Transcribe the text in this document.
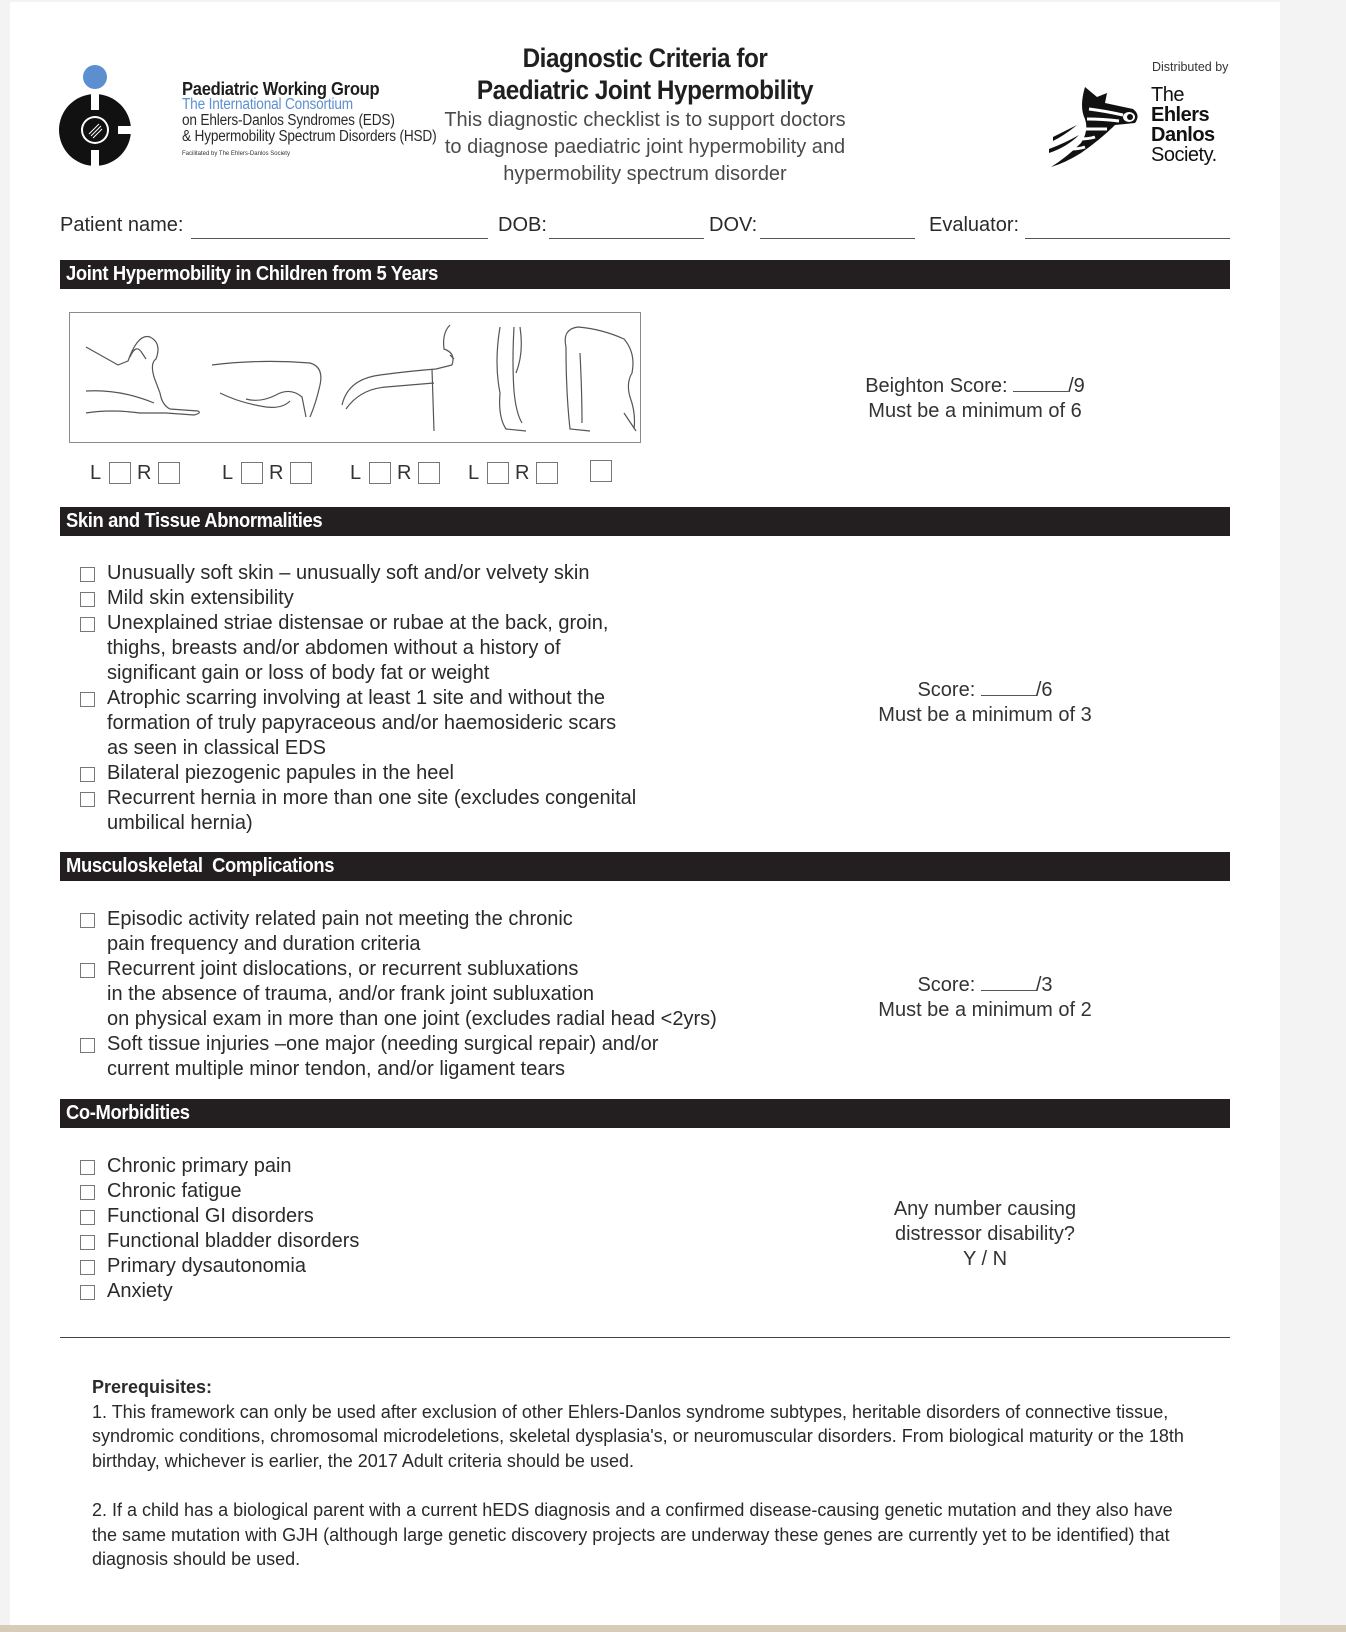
Paediatric Working Group
The International Consortium
on Ehlers-Danlos Syndromes (EDS)
& Hypermobility Spectrum Disorders (HSD)
Facilitated by The Ehlers-Danlos Society
Diagnostic Criteria for
Paediatric Joint Hypermobility
This diagnostic checklist is to support doctors
to diagnose paediatric joint hypermobility and
hypermobility spectrum disorder
Distributed by
The
Ehlers
Danlos
Society.
Patient name:	DOB:	DOV:	Evaluator:
Joint Hypermobility in Children from 5 Years
L R	L R	L R	L R
Beighton Score:	/9
Must be a minimum of 6
Skin and Tissue Abnormalities
Unusually soft skin – unusually soft and/or velvety skin
Mild skin extensibility
Unexplained striae distensae or rubae at the back, groin,
thighs, breasts and/or abdomen without a history of
significant gain or loss of body fat or weight
Atrophic scarring involving at least 1 site and without the
formation of truly papyraceous and/or haemosideric scars
as seen in classical EDS
Bilateral piezogenic papules in the heel
Recurrent hernia in more than one site (excludes congenital
umbilical hernia)
Score:	/6
Must be a minimum of 3
Musculoskeletal  Complications
Episodic activity related pain not meeting the chronic
pain frequency and duration criteria
Recurrent joint dislocations, or recurrent subluxations
in the absence of trauma, and/or frank joint subluxation
on physical exam in more than one joint (excludes radial head <2yrs)
Soft tissue injuries –one major (needing surgical repair) and/or
current multiple minor tendon, and/or ligament tears
Score:	/3
Must be a minimum of 2
Co-Morbidities
Chronic primary pain
Chronic fatigue
Functional GI disorders
Functional bladder disorders
Primary dysautonomia
Anxiety
Any number causing
distressor disability?
Y / N
Prerequisites:

1. This framework can only be used after exclusion of other Ehlers-Danlos syndrome subtypes, heritable disorders of connective tissue,
syndromic conditions, chromosomal microdeletions, skeletal dysplasia's, or neuromuscular disorders. From biological maturity or the 18th
birthday, whichever is earlier, the 2017 Adult criteria should be used.

2. If a child has a biological parent with a current hEDS diagnosis and a confirmed disease-causing genetic mutation and they also have
the same mutation with GJH (although large genetic discovery projects are underway these genes are currently yet to be identified) that
diagnosis should be used.
